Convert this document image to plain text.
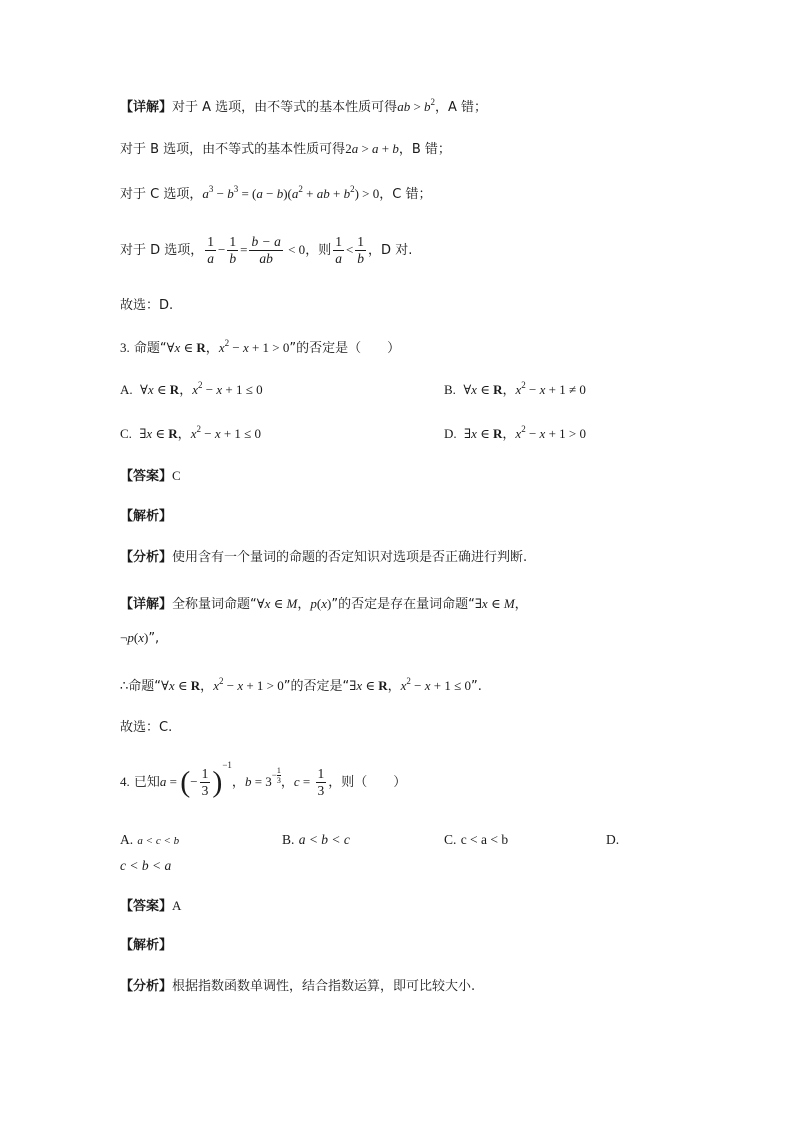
【详解】对于 A 选项，由不等式的基本性质可得ab > $b^2$，A 错；
对于 B 选项，由不等式的基本性质可得2a > a + b，B 错；
对于 C 选项，$a^3 - b^3 = (a - b)(a^2$ + ab + $b^2) > 0$，C 错；
对于 D 选项， $\frac{1}{a} - \frac{1}{b} = \frac{b - a}{ab} < 0$，则 $\frac{1}{a} < \frac{1}{b}$ ，D 对.
故选：D.
3. 命题“∀x ∈ R，$x^2 - x + 1 > 0$”的否定是（　　）
A.  ∀x ∈ R，$x^2 - x + 1 \le 0$	B.  ∀x ∈ R，$x^2 - x + 1 \ne 0$
C.  ∃x ∈ R，$x^2 - x + 1 \le 0$	D.  ∃x ∈ R，$x^2 - x + 1 > 0$
【答案】C
【解析】
【分析】使用含有一个量词的命题的否定知识对选项是否正确进行判断.
【详解】全称量词命题“∀x ∈ M，p(x)”的否定是存在量词命题“∃x ∈ M，
¬p(x)”,
∴命题“∀x ∈ R，$x^2 - x + 1 > 0$”的否定是“∃x ∈ R，$x^2 - x + 1 \le 0$”.
故选：C.
4. 已知a = (− $\frac{1}{3} )^{-1}$，$b = 3^{- \frac{1}{3}}$ ，$c = \frac{1}{3}$ ，则（　　）
A. a < c < b	B. a < b < c	C. c < a < b	D.
c < b < a
【答案】A
【解析】
【分析】根据指数函数单调性，结合指数运算，即可比较大小.
